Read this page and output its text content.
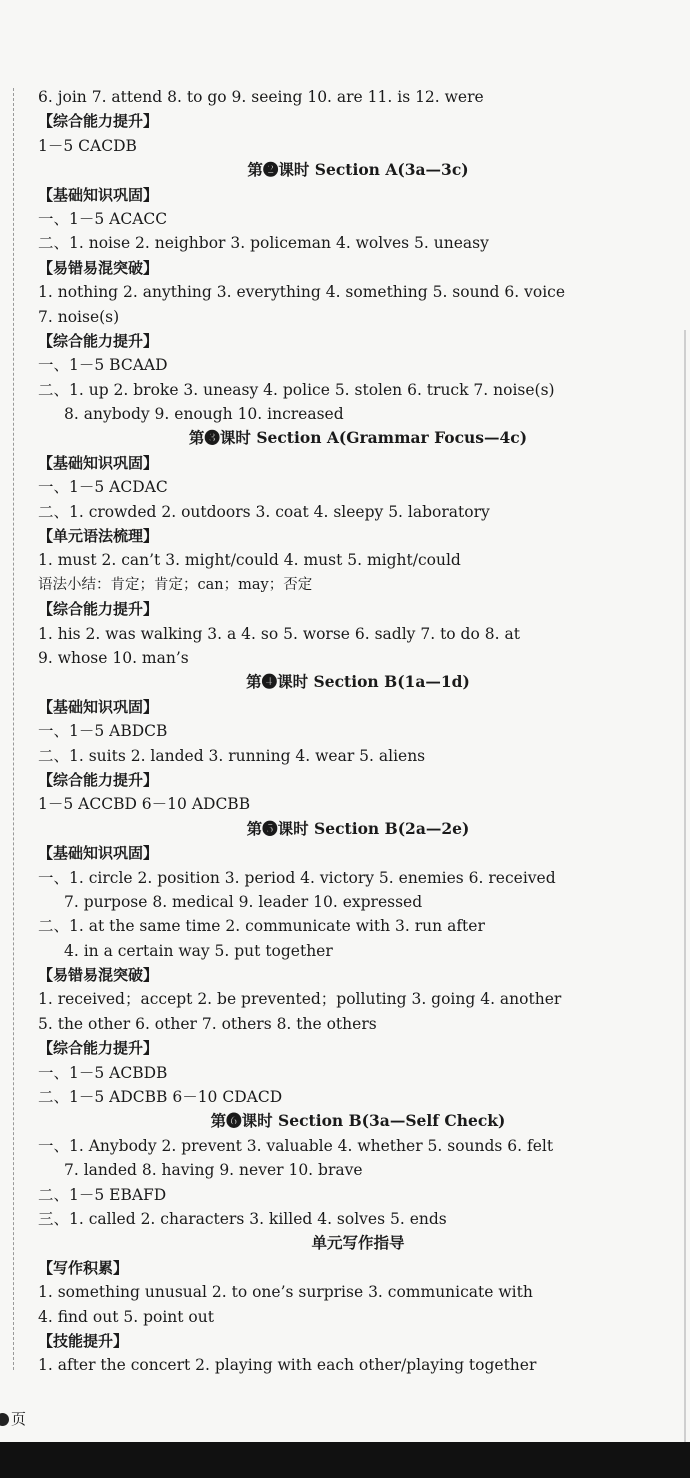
6. join 7. attend 8. to go 9. seeing 10. are 11. is 12. were
【综合能力提升】
1－5 CACDB
第❷课时 Section A(3a—3c)
【基础知识巩固】
一、1－5 ACACC
二、1. noise 2. neighbor 3. policeman 4. wolves 5. uneasy
【易错易混突破】
1. nothing 2. anything 3. everything 4. something 5. sound 6. voice
7. noise(s)
【综合能力提升】
一、1－5 BCAAD
二、1. up 2. broke 3. uneasy 4. police 5. stolen 6. truck 7. noise(s)
8. anybody 9. enough 10. increased
第❸课时 Section A(Grammar Focus—4c)
【基础知识巩固】
一、1－5 ACDAC
二、1. crowded 2. outdoors 3. coat 4. sleepy 5. laboratory
【单元语法梳理】
1. must 2. can’t 3. might/could 4. must 5. might/could
语法小结：肯定；肯定；can；may；否定
【综合能力提升】
1. his 2. was walking 3. a 4. so 5. worse 6. sadly 7. to do 8. at
9. whose 10. man’s
第❹课时 Section B(1a—1d)
【基础知识巩固】
一、1－5 ABDCB
二、1. suits 2. landed 3. running 4. wear 5. aliens
【综合能力提升】
1－5 ACCBD 6－10 ADCBB
第❺课时 Section B(2a—2e)
【基础知识巩固】
一、1. circle 2. position 3. period 4. victory 5. enemies 6. received
7. purpose 8. medical 9. leader 10. expressed
二、1. at the same time 2. communicate with 3. run after
4. in a certain way 5. put together
【易错易混突破】
1. received；accept 2. be prevented；polluting 3. going 4. another
5. the other 6. other 7. others 8. the others
【综合能力提升】
一、1－5 ACBDB
二、1－5 ADCBB 6－10 CDACD
第❻课时 Section B(3a—Self Check)
一、1. Anybody 2. prevent 3. valuable 4. whether 5. sounds 6. felt
7. landed 8. having 9. never 10. brave
二、1－5 EBAFD
三、1. called 2. characters 3. killed 4. solves 5. ends
单元写作指导
【写作积累】
1. something unusual 2. to one’s surprise 3. communicate with
4. find out 5. point out
【技能提升】
1. after the concert 2. playing with each other/playing together
页
